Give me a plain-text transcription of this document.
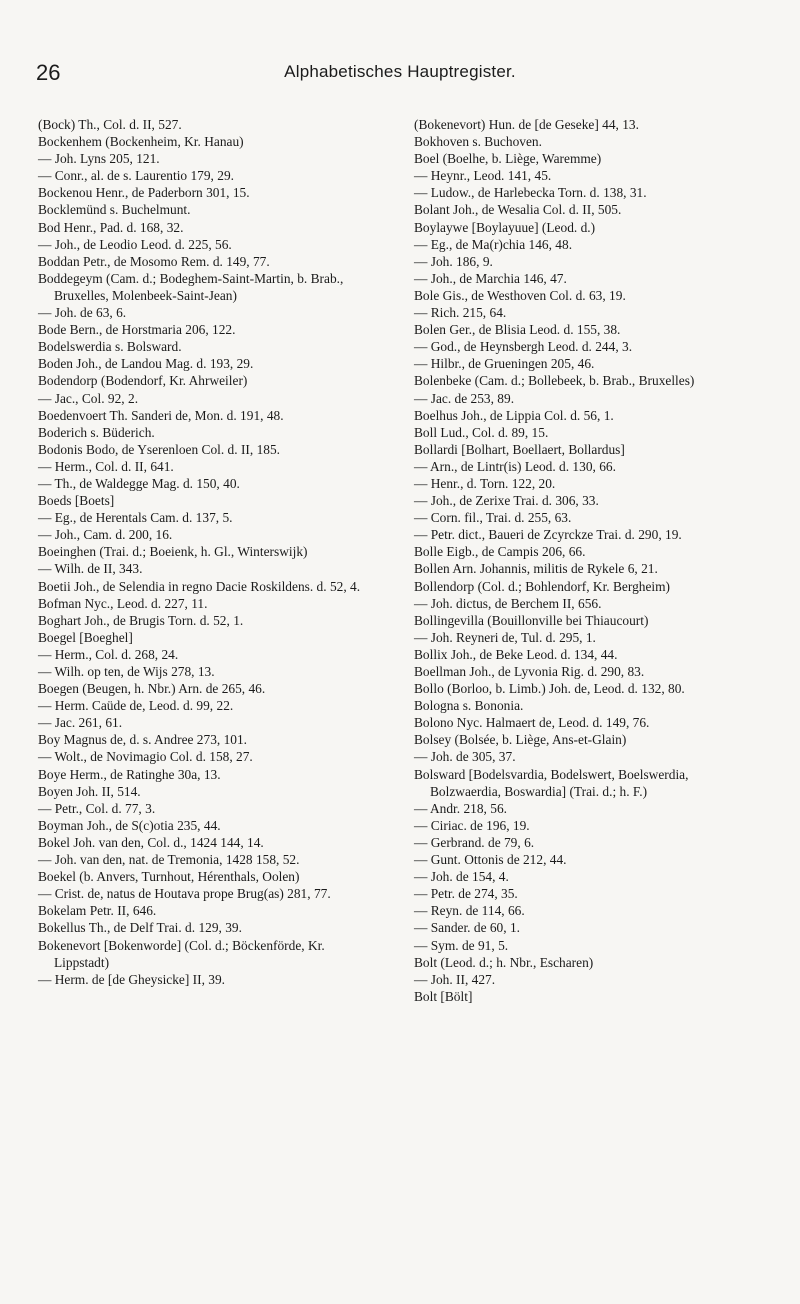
26	Alphabetisches Hauptregister.

(Bock) Th., Col. d. II, 527.

Bockenhem (Bockenheim, Kr. Hanau)

— Joh. Lyns 205, 121.

— Conr., al. de s. Laurentio 179, 29.

Bockenou Henr., de Paderborn 301, 15.

Bocklemünd s. Buchelmunt.

Bod Henr., Pad. d. 168, 32.

— Joh., de Leodio Leod. d. 225, 56.

Boddan Petr., de Mosomo Rem. d. 149, 77.

Boddegeym (Cam. d.; Bodeghem-Saint-Martin, b. Brab., Bruxelles, Molenbeek-Saint-Jean)

— Joh. de 63, 6.

Bode Bern., de Horstmaria 206, 122.

Bodelswerdia s. Bolsward.

Boden Joh., de Landou Mag. d. 193, 29.

Bodendorp (Bodendorf, Kr. Ahrweiler)

— Jac., Col. 92, 2.

Boedenvoert Th. Sanderi de, Mon. d. 191, 48.

Boderich s. Büderich.

Bodonis Bodo, de Yserenloen Col. d. II, 185.

— Herm., Col. d. II, 641.

— Th., de Waldegge Mag. d. 150, 40.

Boeds [Boets]

— Eg., de Herentals Cam. d. 137, 5.

— Joh., Cam. d. 200, 16.

Boeinghen (Trai. d.; Boeienk, h. Gl., Winterswijk)

— Wilh. de II, 343.

Boetii Joh., de Selendia in regno Dacie Roskildens. d. 52, 4.

Bofman Nyc., Leod. d. 227, 11.

Boghart Joh., de Brugis Torn. d. 52, 1.

Boegel [Boeghel]

— Herm., Col. d. 268, 24.

— Wilh. op ten, de Wijs 278, 13.

Boegen (Beugen, h. Nbr.) Arn. de 265, 46.

— Herm. Caüde de, Leod. d. 99, 22.

— Jac. 261, 61.

Boy Magnus de, d. s. Andree 273, 101.

— Wolt., de Novimagio Col. d. 158, 27.

Boye Herm., de Ratinghe 30a, 13.

Boyen Joh. II, 514.

— Petr., Col. d. 77, 3.

Boyman Joh., de S(c)otia 235, 44.

Bokel Joh. van den, Col. d., 1424 144, 14.

— Joh. van den, nat. de Tremonia, 1428 158, 52.

Boekel (b. Anvers, Turnhout, Hérenthals, Oolen)

— Crist. de, natus de Houtava prope Brug(as) 281, 77.

Bokelam Petr. II, 646.

Bokellus Th., de Delf Trai. d. 129, 39.

Bokenevort [Bokenworde] (Col. d.; Böckenförde, Kr. Lippstadt)

— Herm. de [de Gheysicke] II, 39.

(Bokenevort) Hun. de [de Geseke] 44, 13.

Bokhoven s. Buchoven.

Boel (Boelhe, b. Liège, Waremme)

— Heynr., Leod. 141, 45.

— Ludow., de Harlebecka Torn. d. 138, 31.

Bolant Joh., de Wesalia Col. d. II, 505.

Boylaywe [Boylayuue] (Leod. d.)

— Eg., de Ma(r)chia 146, 48.

— Joh. 186, 9.

— Joh., de Marchia 146, 47.

Bole Gis., de Westhoven Col. d. 63, 19.

— Rich. 215, 64.

Bolen Ger., de Blisia Leod. d. 155, 38.

— God., de Heynsbergh Leod. d. 244, 3.

— Hilbr., de Grueningen 205, 46.

Bolenbeke (Cam. d.; Bollebeek, b. Brab., Bruxelles)

— Jac. de 253, 89.

Boelhus Joh., de Lippia Col. d. 56, 1.

Boll Lud., Col. d. 89, 15.

Bollardi [Bolhart, Boellaert, Bollardus]

— Arn., de Lintr(is) Leod. d. 130, 66.

— Henr., d. Torn. 122, 20.

— Joh., de Zerixe Trai. d. 306, 33.

— Corn. fil., Trai. d. 255, 63.

— Petr. dict., Baueri de Zcyrckze Trai. d. 290, 19.

Bolle Eigb., de Campis 206, 66.

Bollen Arn. Johannis, militis de Rykele 6, 21.

Bollendorp (Col. d.; Bohlendorf, Kr. Bergheim)

— Joh. dictus, de Berchem II, 656.

Bollingevilla (Bouillonville bei Thiaucourt)

— Joh. Reyneri de, Tul. d. 295, 1.

Bollix Joh., de Beke Leod. d. 134, 44.

Boellman Joh., de Lyvonia Rig. d. 290, 83.

Bollo (Borloo, b. Limb.) Joh. de, Leod. d. 132, 80.

Bologna s. Bononia.

Bolono Nyc. Halmaert de, Leod. d. 149, 76.

Bolsey (Bolsée, b. Liège, Ans-et-Glain)

— Joh. de 305, 37.

Bolsward [Bodelsvardia, Bodelswert, Boelswerdia, Bolzwaerdia, Boswardia] (Trai. d.; h. F.)

— Andr. 218, 56.

— Ciriac. de 196, 19.

— Gerbrand. de 79, 6.

— Gunt. Ottonis de 212, 44.

— Joh. de 154, 4.

— Petr. de 274, 35.

— Reyn. de 114, 66.

— Sander. de 60, 1.

— Sym. de 91, 5.

Bolt (Leod. d.; h. Nbr., Escharen)

— Joh. II, 427.

Bolt [Bölt]
